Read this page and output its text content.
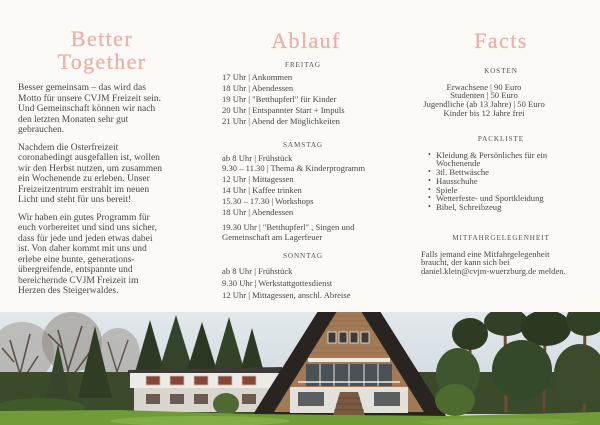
Better
Together
Besser gemeinsam – das wird das
Motto für unsere CVJM Freizeit sein.
Und Gemeinschaft können wir nach
den letzten Monaten sehr gut
gebrauchen.
Nachdem die Osterfreizeit
coronabedingt ausgefallen ist, wollen
wir den Herbst nutzen, um zusammen
ein Wochenende zu erleben. Unser
Freizeitzentrum erstrahlt im neuen
Licht und steht für uns bereit!
Wir haben ein gutes Programm für
euch vorbereitet und sind uns sicher,
dass für jede und jeden etwas dabei
ist. Von daher kommt mit uns und
erlebe eine bunte, generations-
übergreifende, entspannte und
bereichernde CVJM Freizeit im
Herzen des Steigerwaldes.
Ablauf
FREITAG
17 Uhr | Ankommen
18 Uhr | Abendessen
19 Uhr | "Betthupferl" für Kinder
20 Uhr | Entspannter Start + Impuls
21 Uhr | Abend der Möglichkeiten
SAMSTAG
ab 8 Uhr | Frühstück
9.30 – 11.30 | Thema & Kinderprogramm
12 Uhr | Mittagessen
14 Uhr | Kaffee trinken
15.30 – 17.30 | Workshops
18 Uhr | Abendessen
19.30 Uhr | "Betthupferl" , Singen und
Gemeinschaft am Lagerfeuer
SONNTAG
ab 8 Uhr | Frühstück
9.30 Uhr | Werkstattgottesdienst
12 Uhr | Mittagessen, anschl. Abreise
Facts
KOSTEN
Erwachsene | 90 Euro
Studenten | 50 Euro
Jugendliche (ab 13 Jahre) | 50 Euro
Kinder bis 12 Jahre frei
PACKLISTE
• Kleidung & Persönliches für ein
Wochenende
• 3tl. Bettwäsche
• Hausschuhe
• Spiele
• Wetterfeste- und Sportkleidung
• Bibel, Schreibzeug
MITFAHRGELEGENHEIT
Falls jemand eine Mitfahrgelegenheit
braucht, der kann sich bei
daniel.klein@cvjm-wuerzburg.de melden.
